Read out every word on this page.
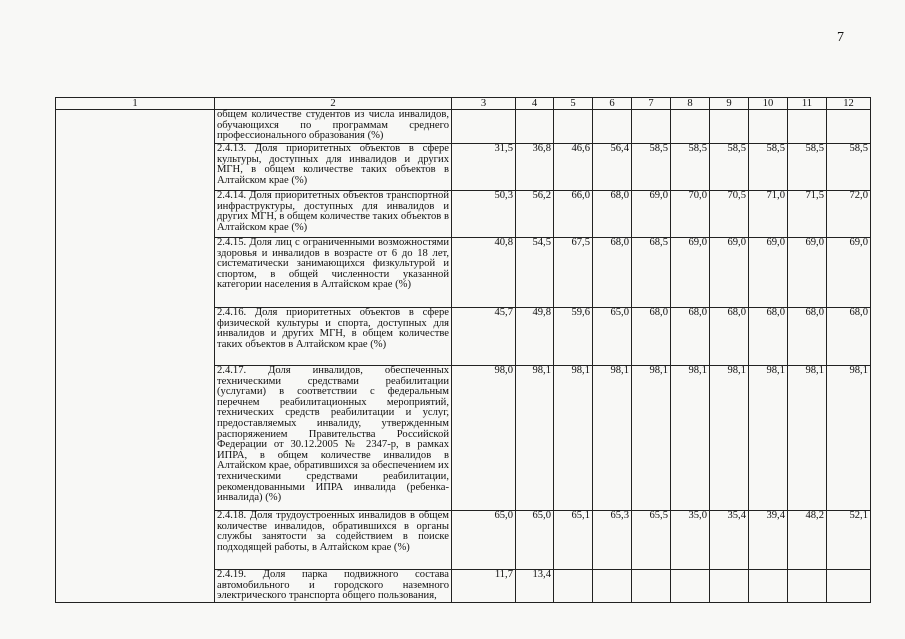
7
1	2	3	4	5	6	7	8	9	10	11	12
	общем количестве студентов из числа инвалидов, обучающихся по программам среднего профессионального образования (%)										
	2.4.13. Доля приоритетных объектов в сфере культуры, доступных для инвалидов и других МГН, в общем количестве таких объектов в Алтайском крае (%)	31,5	36,8	46,6	56,4	58,5	58,5	58,5	58,5	58,5	58,5
	2.4.14. Доля приоритетных объектов транспортной инфраструктуры, доступных для инвалидов и других МГН, в общем количестве таких объектов в Алтайском крае (%)	50,3	56,2	66,0	68,0	69,0	70,0	70,5	71,0	71,5	72,0
	2.4.15. Доля лиц с ограниченными возможностями здоровья и инвалидов в возрасте от 6 до 18 лет, систематически занимающихся физкультурой и спортом, в общей численности указанной категории населения в Алтайском крае (%)	40,8	54,5	67,5	68,0	68,5	69,0	69,0	69,0	69,0	69,0
	2.4.16. Доля приоритетных объектов в сфере физической культуры и спорта, доступных для инвалидов и других МГН, в общем количестве таких объектов в Алтайском крае (%)	45,7	49,8	59,6	65,0	68,0	68,0	68,0	68,0	68,0	68,0
	2.4.17. Доля инвалидов, обеспеченных техническими средствами реабилитации (услугами) в соответствии с федеральным перечнем реабилитационных мероприятий, технических средств реабилитации и услуг, предоставляемых инвалиду, утвержденным распоряжением Правительства Российской Федерации от 30.12.2005 № 2347-р, в рамках ИПРА, в общем количестве инвалидов в Алтайском крае, обратившихся за обеспечением их техническими средствами реабилитации, рекомендованными ИПРА инвалида (ребенка-инвалида) (%)	98,0	98,1	98,1	98,1	98,1	98,1	98,1	98,1	98,1	98,1
	2.4.18. Доля трудоустроенных инвалидов в общем количестве инвалидов, обратившихся в органы службы занятости за содействием в поиске подходящей работы, в Алтайском крае (%)	65,0	65,0	65,1	65,3	65,5	35,0	35,4	39,4	48,2	52,1
	2.4.19. Доля парка подвижного состава автомобильного и городского наземного электрического транспорта общего пользования,	11,7	13,4								
